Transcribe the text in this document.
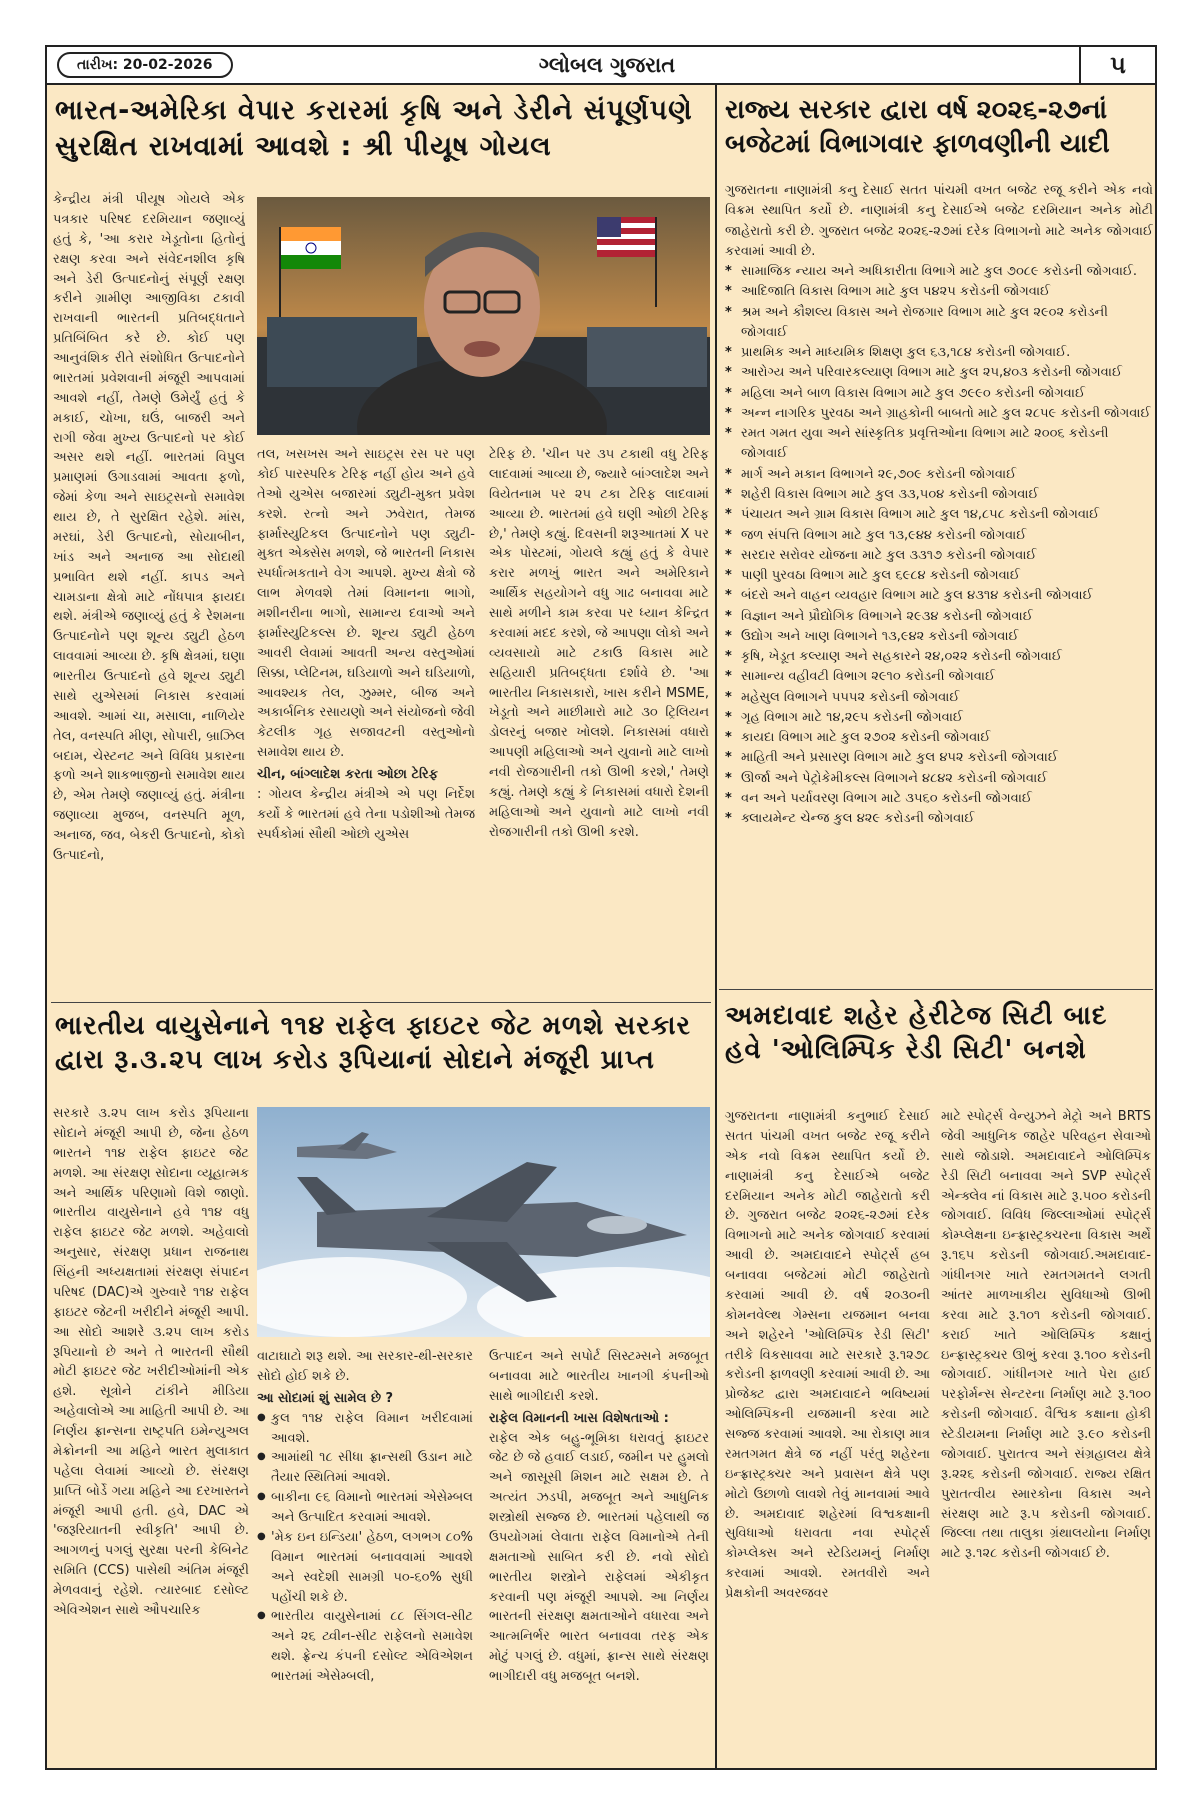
તારીખ: 20-02-2026	ગ્લોબલ ગુજરાત	૫
ભારત-અમેરિકા વેપાર કરારમાં કૃષિ અને ડેરીને સંપૂર્ણપણે સુરક્ષિત રાખવામાં આવશે : શ્રી પીયૂષ ગોયલ

કેન્દ્રીય મંત્રી પીયૂષ ગોયલે એક પત્રકાર પરિષદ દરમિયાન જણાવ્યું હતું કે, 'આ કરાર ખેડૂતોના હિતોનું રક્ષણ કરવા અને સંવેદનશીલ કૃષિ અને ડેરી ઉત્પાદનોનું સંપૂર્ણ રક્ષણ કરીને ગ્રામીણ આજીવિકા ટકાવી રાખવાની ભારતની પ્રતિબદ્ધતાને પ્રતિબિંબિત કરે છે. કોઈ પણ આનુવંશિક રીતે સંશોધિત ઉત્પાદનોને ભારતમાં પ્રવેશવાની મંજૂરી આપવામાં આવશે નહીં, તેમણે ઉમેર્યું હતું કે મકાઈ, ચોખા, ઘઉં, બાજરી અને રાગી જેવા મુખ્ય ઉત્પાદનો પર કોઈ અસર થશે નહીં. ભારતમાં વિપુલ પ્રમાણમાં ઉગાડવામાં આવતા ફળો, જેમાં કેળા અને સાઇટ્રસનો સમાવેશ થાય છે, તે સુરક્ષિત રહેશે. માંસ, મરઘાં, ડેરી ઉત્પાદનો, સોયાબીન, ખાંડ અને અનાજ આ સોદાથી પ્રભાવિત થશે નહીં. કાપડ અને ચામડાના ક્ષેત્રો માટે નોંધપાત્ર ફાયદા થશે. મંત્રીએ જણાવ્યું હતું કે રેશમના ઉત્પાદનોને પણ શૂન્ય ડ્યુટી હેઠળ લાવવામાં આવ્યા છે. કૃષિ ક્ષેત્રમાં, ઘણા ભારતીય ઉત્પાદનો હવે શૂન્ય ડ્યુટી સાથે યુએસમાં નિકાસ કરવામાં આવશે. આમાં ચા, મસાલા, નાળિયેર તેલ, વનસ્પતિ મીણ, સોપારી, બ્રાઝિલ બદામ, ચેસ્ટનટ અને વિવિધ પ્રકારના ફળો અને શાકભાજીનો સમાવેશ થાય છે, એમ તેમણે જણાવ્યું હતું. મંત્રીના જણાવ્યા મુજબ, વનસ્પતિ મૂળ, અનાજ, જવ, બેકરી ઉત્પાદનો, કોકો ઉત્પાદનો,

તલ, ખસખસ અને સાઇટ્રસ રસ પર પણ કોઈ પારસ્પરિક ટેરિફ નહીં હોય અને હવે તેઓ યુએસ બજારમાં ડ્યુટી-મુક્ત પ્રવેશ કરશે. રત્નો અને ઝવેરાત, તેમજ ફાર્માસ્યુટિકલ ઉત્પાદનોને પણ ડ્યુટી-મુક્ત એક્સેસ મળશે, જે ભારતની નિકાસ સ્પર્ધાત્મકતાને વેગ આપશે. મુખ્ય ક્ષેત્રો જે લાભ મેળવશે તેમાં વિમાનના ભાગો, મશીનરીના ભાગો, સામાન્ય દવાઓ અને ફાર્માસ્યુટિકલ્સ છે. શૂન્ય ડ્યુટી હેઠળ આવરી લેવામાં આવતી અન્ય વસ્તુઓમાં સિક્કા, પ્લેટિનમ, ઘડિયાળો અને ઘડિયાળો, આવશ્યક તેલ, ઝુમ્મર, બીજ અને અકાર્બનિક રસાયણો અને સંયોજનો જેવી કેટલીક ગૃહ સજાવટની વસ્તુઓનો સમાવેશ થાય છે.

ચીન, બાંગ્લાદેશ કરતા ઓછા ટેરિફ

: ગોયલ કેન્દ્રીય મંત્રીએ એ પણ નિર્દેશ કર્યો કે ભારતમાં હવે તેના પડોશીઓ તેમજ સ્પર્ધકોમાં સૌથી ઓછો યુએસ

ટેરિફ છે. 'ચીન પર ૩૫ ટકાથી વધુ ટેરિફ લાદવામાં આવ્યા છે, જ્યારે બાંગ્લાદેશ અને વિયેતનામ પર ૨૫ ટકા ટેરિફ લાદવામાં આવ્યા છે. ભારતમાં હવે ઘણી ઓછી ટેરિફ છે,' તેમણે કહ્યું. દિવસની શરૂઆતમાં X પર એક પોસ્ટમાં, ગોયલે કહ્યું હતું કે વેપાર કરાર મળખું ભારત અને અમેરિકાને આર્થિક સહયોગને વધુ ગાઢ બનાવવા માટે સાથે મળીને કામ કરવા પર ધ્યાન કેન્દ્રિત કરવામાં મદદ કરશે, જે આપણા લોકો અને વ્યવસાયો માટે ટકાઉ વિકાસ માટે સહિયારી પ્રતિબદ્ધતા દર્શાવે છે. 'આ ભારતીય નિકાસકારો, ખાસ કરીને MSME, ખેડૂતો અને માછીમારો માટે ૩૦ ટ્રિલિયન ડોલરનું બજાર ખોલશે. નિકાસમાં વધારો આપણી મહિલાઓ અને યુવાનો માટે લાખો નવી રોજગારીની તકો ઊભી કરશે,' તેમણે કહ્યું. તેમણે કહ્યું કે નિકાસમાં વધારો દેશની મહિલાઓ અને યુવાનો માટે લાખો નવી રોજગારીની તકો ઊભી કરશે.

ભારતીય વાયુસેનાને ૧૧૪ રાફેલ ફાઇટર જેટ મળશે સરકાર દ્વારા રૂ.૩.૨૫ લાખ કરોડ રૂપિયાનાં સોદાને મંજૂરી પ્રાપ્ત

સરકારે ૩.૨૫ લાખ કરોડ રૂપિયાના સોદાને મંજૂરી આપી છે, જેના હેઠળ ભારતને ૧૧૪ રાફેલ ફાઇટર જેટ મળશે. આ સંરક્ષણ સોદાના વ્યૂહાત્મક અને આર્થિક પરિણામો વિશે જાણો. ભારતીય વાયુસેનાને હવે ૧૧૪ વધુ રાફેલ ફાઇટર જેટ મળશે. અહેવાલો અનુસાર, સંરક્ષણ પ્રધાન રાજનાથ સિંહની અધ્યક્ષતામાં સંરક્ષણ સંપાદન પરિષદ (DAC)એ ગુરુવારે ૧૧૪ રાફેલ ફાઇટર જેટની ખરીદીને મંજૂરી આપી. આ સોદો આશરે ૩.૨૫ લાખ કરોડ રૂપિયાનો છે અને તે ભારતની સૌથી મોટી ફાઇટર જેટ ખરીદીઓમાંની એક હશે. સૂત્રોને ટાંકીને મીડિયા અહેવાલોએ આ માહિતી આપી છે. આ નિર્ણય ફ્રાન્સના રાષ્ટ્રપતિ ઇમેન્યુઅલ મેક્રોનની આ મહિને ભારત મુલાકાત પહેલા લેવામાં આવ્યો છે. સંરક્ષણ પ્રાપ્તિ બોર્ડે ગયા મહિને આ દરખાસ્તને મંજૂરી આપી હતી. હવે, DAC એ 'જરૂરિયાતની સ્વીકૃતિ' આપી છે. આગળનું પગલું સુરક્ષા પરની કેબિનેટ સમિતિ (CCS) પાસેથી અંતિમ મંજૂરી મેળવવાનું રહેશે. ત્યારબાદ દસોલ્ટ એવિએશન સાથે ઔપચારિક

વાટાઘાટો શરૂ થશે. આ સરકાર-થી-સરકાર સોદો હોઈ શકે છે.

આ સોદામાં શું સામેલ છે ?

● કુલ ૧૧૪ રાફેલ વિમાન ખરીદવામાં આવશે.
● આમાંથી ૧૮ સીધા ફ્રાન્સથી ઉડાન માટે તૈયાર સ્થિતિમાં આવશે.
● બાકીના ૯૬ વિમાનો ભારતમાં એસેમ્બલ અને ઉત્પાદિત કરવામાં આવશે.
● 'મેક ઇન ઇન્ડિયા' હેઠળ, લગભગ ૮૦% વિમાન ભારતમાં બનાવવામાં આવશે અને સ્વદેશી સામગ્રી ૫૦-૬૦% સુધી પહોંચી શકે છે.
● ભારતીય વાયુસેનામાં ૮૮ સિંગલ-સીટ અને ૨૬ ટ્વીન-સીટ રાફેલનો સમાવેશ થશે. ફ્રેન્ચ કંપની દસોલ્ટ એવિએશન ભારતમાં એસેમ્બલી,

ઉત્પાદન અને સપોર્ટ સિસ્ટમ્સને મજબૂત બનાવવા માટે ભારતીય ખાનગી કંપનીઓ સાથે ભાગીદારી કરશે.

રાફેલ વિમાનની ખાસ વિશેષતાઓ :

રાફેલ એક બહુ-ભૂમિકા ધરાવતું ફાઇટર જેટ છે જે હવાઈ લડાઈ, જમીન પર હુમલો અને જાસૂસી મિશન માટે સક્ષમ છે. તે અત્યંત ઝડપી, મજબૂત અને આધુનિક શસ્ત્રોથી સજ્જ છે. ભારતમાં પહેલાથી જ ઉપયોગમાં લેવાતા રાફેલ વિમાનોએ તેની ક્ષમતાઓ સાબિત કરી છે. નવો સોદો ભારતીય શસ્ત્રોને રાફેલમાં એકીકૃત કરવાની પણ મંજૂરી આપશે. આ નિર્ણય ભારતની સંરક્ષણ ક્ષમતાઓને વધારવા અને આત્મનિર્ભર ભારત બનાવવા તરફ એક મોટું પગલું છે. વધુમાં, ફ્રાન્સ સાથે સંરક્ષણ ભાગીદારી વધુ મજબૂત બનશે.

રાજ્ય સરકાર દ્વારા વર્ષ ૨૦૨૬-૨૭નાં બજેટમાં વિભાગવાર ફાળવણીની યાદી

ગુજરાતના નાણામંત્રી કનુ દેસાઈ સતત પાંચમી વખત બજેટ રજૂ કરીને એક નવો વિક્રમ સ્થાપિત કર્યો છે. નાણામંત્રી કનુ દેસાઈએ બજેટ દરમિયાન અનેક મોટી જાહેરાતો કરી છે. ગુજરાત બજેટ ૨૦૨૬-૨૭માં દરેક વિભાગનો માટે અનેક જોગવાઈ કરવામાં આવી છે.

* સામાજિક ન્યાય અને અધિકારીતા વિભાગે માટે કુલ ૭૦૮૯ કરોડની જોગવાઈ.
* આદિજાતિ વિકાસ વિભાગ માટે કુલ ૫૪૨૫ કરોડની જોગવાઈ
* શ્રમ અને કૌશલ્ય વિકાસ અને રોજગાર વિભાગ માટે કુલ ૨૯૦૨ કરોડની જોગવાઈ
* પ્રાથમિક અને માધ્યમિક શિક્ષણ કુલ ૬૩,૧૮૪ કરોડની જોગવાઈ.
* આરોગ્ય અને પરિવારકલ્યાણ વિભાગ માટે કુલ ૨૫,૪૦૩ કરોડની જોગવાઈ
* મહિલા અને બાળ વિકાસ વિભાગ માટે કુલ ૭૯૯૦ કરોડની જોગવાઈ
* અન્ન નાગરિક પુરવઠા અને ગ્રાહકોની બાબતો માટે કુલ ૨૮૫૯ કરોડની જોગવાઈ
* રમત ગમત યુવા અને સાંસ્કૃતિક પ્રવૃત્તિઓના વિભાગ માટે ૨૦૦૬ કરોડની જોગવાઈ
* માર્ગ અને મકાન વિભાગને ૨૯,૭૦૯ કરોડની જોગવાઈ
* શહેરી વિકાસ વિભાગ માટે કુલ ૩૩,૫૦૪ કરોડની જોગવાઈ
* પંચાયત અને ગ્રામ વિકાસ વિભાગ માટે કુલ ૧૪,૮૫૮ કરોડની જોગવાઈ
* જળ સંપત્તિ વિભાગ માટે કુલ ૧૩,૯૪૪ કરોડની જોગવાઈ
* સરદાર સરોવર યોજના માટે કુલ ૩૩૧૭ કરોડની જોગવાઈ
* પાણી પુરવઠા વિભાગ માટે કુલ ૬૯૮૪ કરોડની જોગવાઈ
* બંદરો અને વાહન વ્યવહાર વિભાગ માટે કુલ ૪૩૧૪ કરોડની જોગવાઈ
* વિજ્ઞાન અને પ્રૌદ્યોગિક વિભાગને ૨૯૩૪ કરોડની જોગવાઈ
* ઉદ્યોગ અને ખાણ વિભાગને ૧૩,૯૪૨ કરોડની જોગવાઈ
* કૃષિ, ખેડૂત કલ્યાણ અને સહકારને ૨૪,૦૨૨ કરોડની જોગવાઈ
* સામાન્ય વહીવટી વિભાગ ૨૯૧૦ કરોડની જોગવાઈ
* મહેસુલ વિભાગને ૫૫૫૨ કરોડની જોગવાઈ
* ગૃહ વિભાગ માટે ૧૪,૨૯૫ કરોડની જોગવાઈ
* કાયદા વિભાગ માટે કુલ ૨૭૦૨ કરોડની જોગવાઈ
* માહિતી અને પ્રસારણ વિભાગ માટે કુલ ૪૫૨ કરોડની જોગવાઈ
* ઊર્જા અને પેટ્રોકેમીકલ્સ વિભાગને ૪૮૪૨ કરોડની જોગવાઈ
* વન અને પર્યાવરણ વિભાગ માટે ૩૫૬૦ કરોડની જોગવાઈ
* ક્લાયમેન્ટ ચેન્જ કુલ ૪૨૯ કરોડની જોગવાઈ
અમદાવાદ શહેર હેરીટેજ સિટી બાદ હવે 'ઓલિમ્પિક રેડી સિટી' બનશે

ગુજરાતના નાણામંત્રી કનુભાઈ દેસાઈ સતત પાંચમી વખત બજેટ રજૂ કરીને એક નવો વિક્રમ સ્થાપિત કર્યો છે. નાણામંત્રી કનુ દેસાઈએ બજેટ દરમિયાન અનેક મોટી જાહેરાતો કરી છે. ગુજરાત બજેટ ૨૦૨૬-૨૭માં દરેક વિભાગનો માટે અનેક જોગવાઈ કરવામાં આવી છે. અમદાવાદને સ્પોર્ટ્સ હબ બનાવવા બજેટમાં મોટી જાહેરાતો કરવામાં આવી છે. વર્ષ ૨૦૩૦ની કોમનવેલ્થ ગેમ્સના યજમાન બનવા અને શહેરને 'ઓલિમ્પિક રેડી સિટી' તરીકે વિકસાવવા માટે સરકારે રૂ.૧૨૭૮ કરોડની ફાળવણી કરવામાં આવી છે. આ પ્રોજેક્ટ દ્વારા અમદાવાદને ભવિષ્યમાં ઓલિમ્પિકની યજમાની કરવા માટે સજ્જ કરવામાં આવશે. આ રોકાણ માત્ર રમતગમત ક્ષેત્રે જ નહીં પરંતુ શહેરના ઇન્ફ્રાસ્ટ્રક્ચર અને પ્રવાસન ક્ષેત્રે પણ મોટો ઉછાળો લાવશે તેવું માનવામાં આવે છે. અમદાવાદ શહેરમાં વિશ્વકક્ષાની સુવિધાઓ ધરાવતા નવા સ્પોર્ટ્સ કોમ્પ્લેક્સ અને સ્ટેડિયમનું નિર્માણ કરવામાં આવશે. રમતવીરો અને પ્રેક્ષકોની અવરજવર

માટે સ્પોર્ટ્સ વેન્યુઝને મેટ્રો અને BRTS જેવી આધુનિક જાહેર પરિવહન સેવાઓ સાથે જોડાશે. અમદાવાદને ઓલિમ્પિક રેડી સિટી બનાવવા અને SVP સ્પોર્ટ્સ એન્ક્લેવ નાં વિકાસ માટે રૂ.૫૦૦ કરોડની જોગવાઈ. વિવિધ જિલ્લાઓમાં સ્પોર્ટ્સ કોમ્પ્લેક્ષના ઇન્ફ્રાસ્ટ્રક્ચરના વિકાસ અર્થે રૂ.૧૬૫ કરોડની જોગવાઈ.અમદાવાદ-ગાંધીનગર ખાતે રમતગમતને લગતી આંતર માળખાકીય સુવિધાઓ ઊભી કરવા માટે રૂ.૧૦૧ કરોડની જોગવાઈ. કરાઈ ખાતે ઓલિમ્પિક કક્ષાનું ઇન્ફ્રાસ્ટ્રક્ચર ઊભું કરવા રૂ.૧૦૦ કરોડની જોગવાઈ. ગાંધીનગર ખાતે પેરા હાઈ પરફોર્મન્સ સેન્ટરના નિર્માણ માટે રૂ.૧૦૦ કરોડની જોગવાઈ. વૈશ્વિક કક્ષાના હોકી સ્ટેડીયમના નિર્માણ માટે રૂ.૯૦ કરોડની જોગવાઈ. પુરાતત્વ અને સંગ્રહાલય ક્ષેત્રે રૂ.૨૨૬ કરોડની જોગવાઈ. રાજ્ય રક્ષિત પુરાતત્વીય સ્મારકોના વિકાસ અને સંરક્ષણ માટે રૂ.૫ કરોડની જોગવાઈ. જિલ્લા તથા તાલુકા ગ્રંથાલયોના નિર્માણ માટે રૂ.૧૨૮ કરોડની જોગવાઈ છે.
